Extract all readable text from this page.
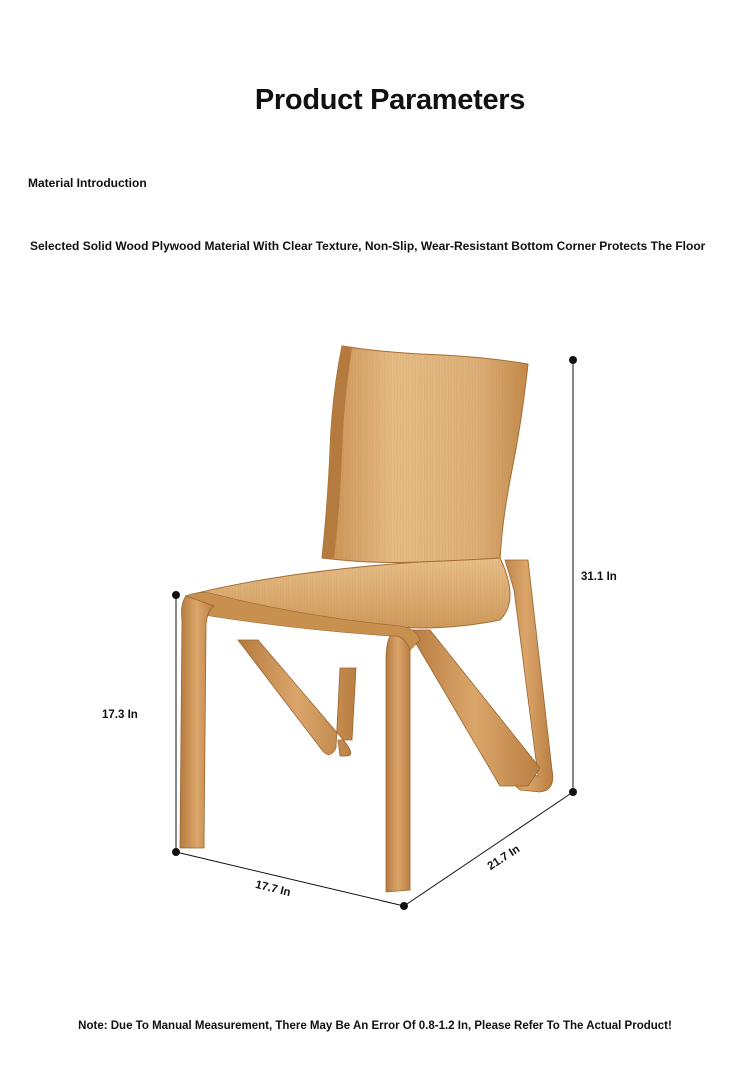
Product Parameters

Material Introduction

Selected Solid Wood Plywood Material With Clear Texture, Non-Slip, Wear-Resistant Bottom Corner Protects The Floor

31.1 In
17.3 In
17.7 In
21.7 In

Note: Due To Manual Measurement, There May Be An Error Of 0.8-1.2 In, Please Refer To The Actual Product!
